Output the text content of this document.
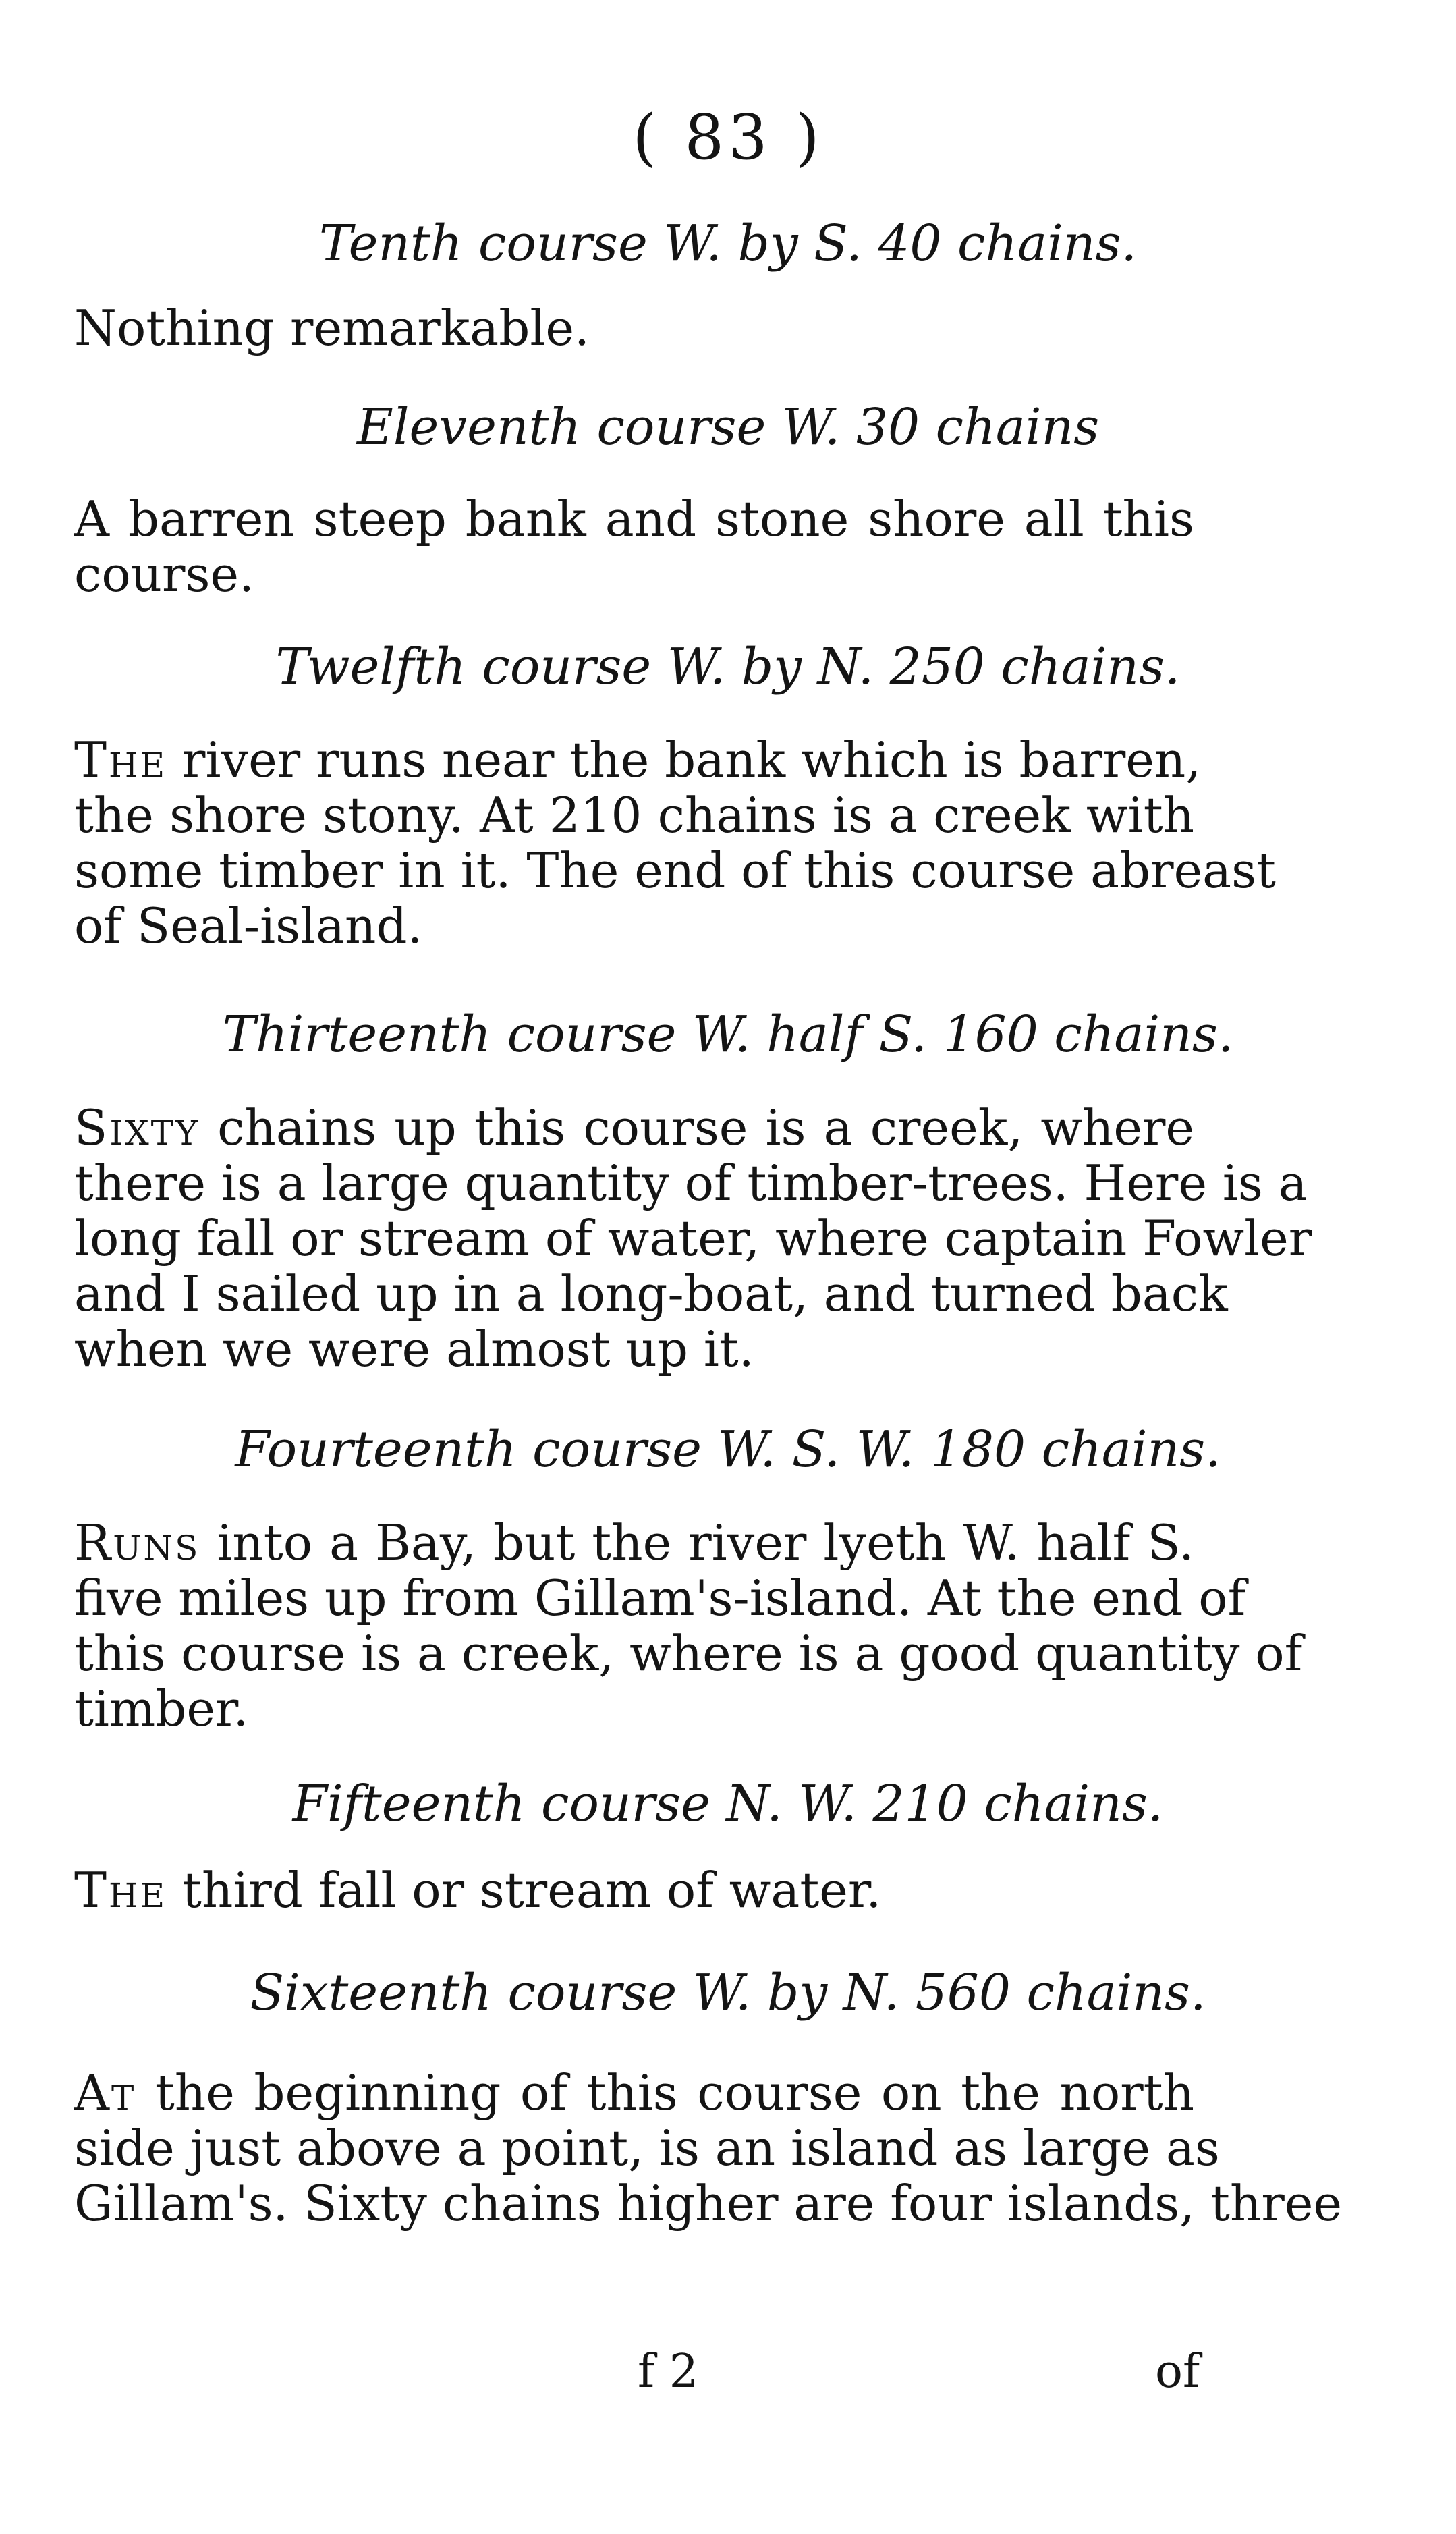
( 83 )
Tenth course W. by S. 40 chains.

Nothing remarkable.

Eleventh course W. 30 chains

A barren steep bank and stone shore all this
course.

Twelfth course W. by N. 250 chains.

The river runs near the bank which is barren,
the shore stony. At 210 chains is a creek with
some timber in it. The end of this course abreast
of Seal-island.

Thirteenth course W. half S. 160 chains.

Sixty chains up this course is a creek, where
there is a large quantity of timber-trees. Here is a
long fall or stream of water, where captain Fowler
and I sailed up in a long-boat, and turned back
when we were almost up it.

Fourteenth course W. S. W. 180 chains.

Runs into a Bay, but the river lyeth W. half S.
five miles up from Gillam's-island. At the end of
this course is a creek, where is a good quantity of
timber.

Fifteenth course N. W. 210 chains.

The third fall or stream of water.

Sixteenth course W. by N. 560 chains.

At the beginning of this course on the north
side just above a point, is an island as large as
Gillam's. Sixty chains higher are four islands, three

f 2	of
